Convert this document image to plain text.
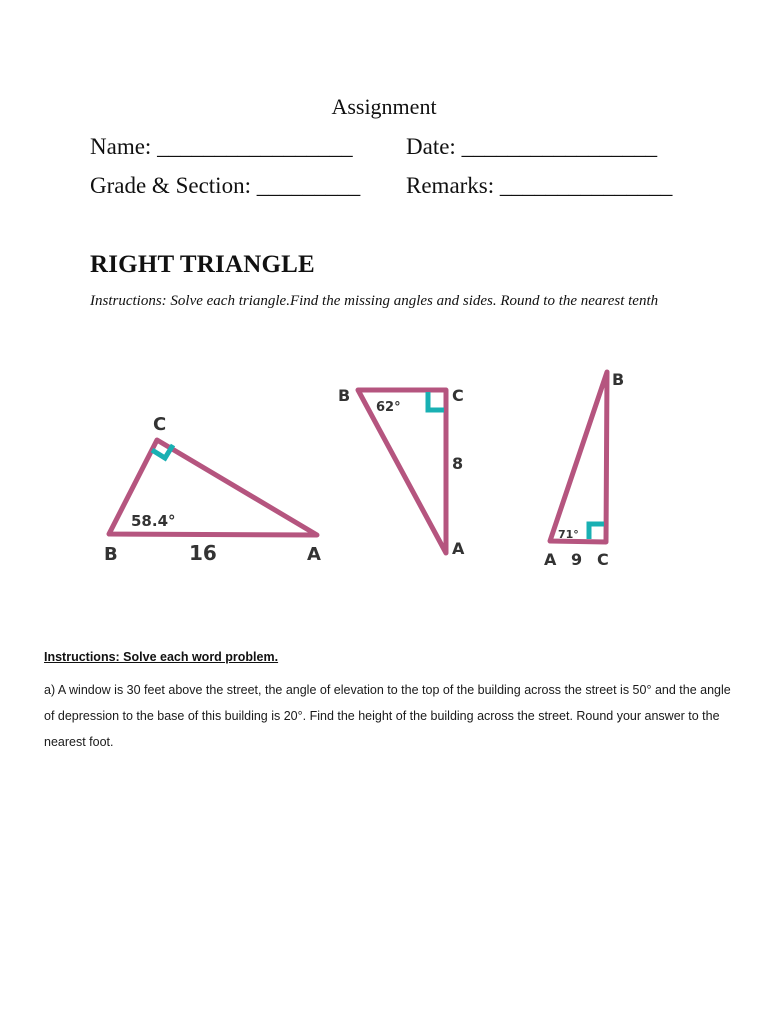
Assignment
Name: _________________ Date: _________________
Grade & Section: _________ Remarks: _______________
RIGHT TRIANGLE
Instructions: Solve each triangle.Find the missing angles and sides. Round to the nearest tenth
C
B	A
58.4°
16
B	C
A
62°
8
B
A 9 C
71°
Instructions: Solve each word problem.
a) A window is 30 feet above the street, the angle of elevation to the top of the building across the street is 50° and the angle of depression to the base of this building is 20°. Find the height of the building across the street. Round your answer to the nearest foot.
